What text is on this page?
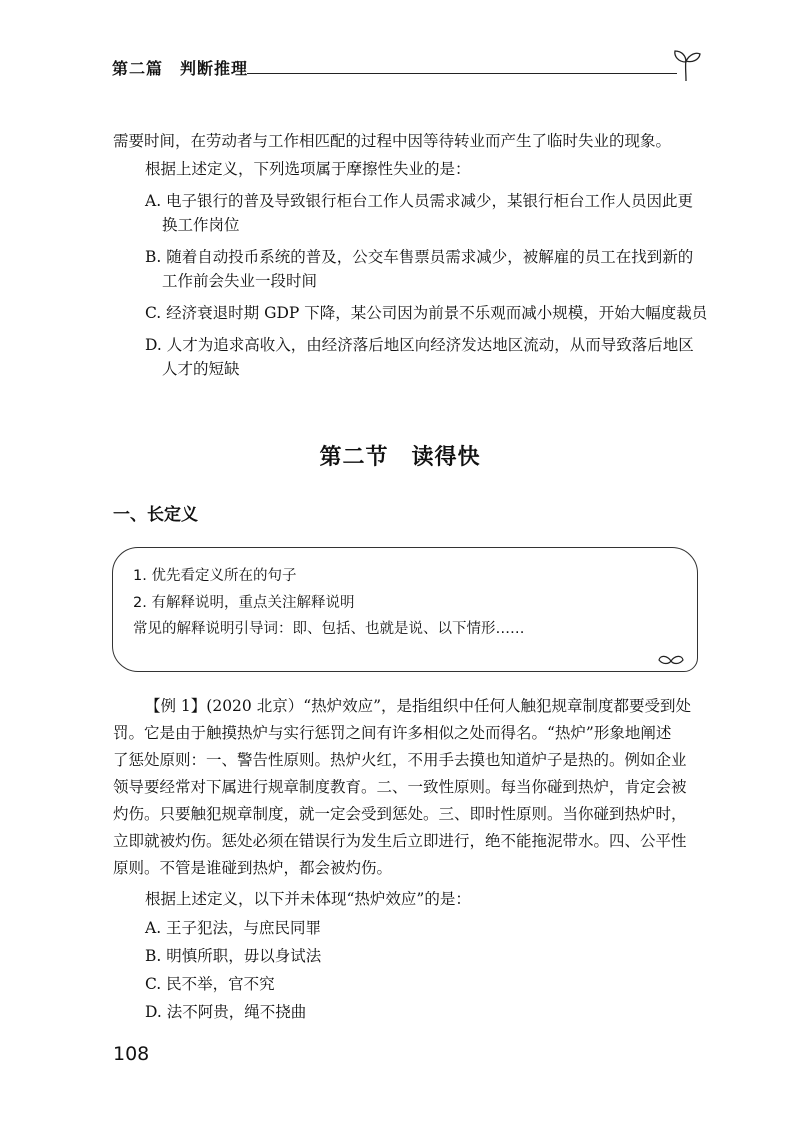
第二篇　判断推理
需要时间，在劳动者与工作相匹配的过程中因等待转业而产生了临时失业的现象。
根据上述定义，下列选项属于摩擦性失业的是：
A. 电子银行的普及导致银行柜台工作人员需求减少，某银行柜台工作人员因此更
换工作岗位
B. 随着自动投币系统的普及，公交车售票员需求减少，被解雇的员工在找到新的
工作前会失业一段时间
C. 经济衰退时期 GDP 下降，某公司因为前景不乐观而减小规模，开始大幅度裁员
D. 人才为追求高收入，由经济落后地区向经济发达地区流动，从而导致落后地区
人才的短缺
第二节　读得快
一、长定义
1. 优先看定义所在的句子
2. 有解释说明，重点关注解释说明
常见的解释说明引导词：即、包括、也就是说、以下情形……
【例 1】(2020 北京）“热炉效应”，是指组织中任何人触犯规章制度都要受到处
罚。它是由于触摸热炉与实行惩罚之间有许多相似之处而得名。“热炉”形象地阐述
了惩处原则：一、警告性原则。热炉火红，不用手去摸也知道炉子是热的。例如企业
领导要经常对下属进行规章制度教育。二、一致性原则。每当你碰到热炉，肯定会被
灼伤。只要触犯规章制度，就一定会受到惩处。三、即时性原则。当你碰到热炉时，
立即就被灼伤。惩处必须在错误行为发生后立即进行，绝不能拖泥带水。四、公平性
原则。不管是谁碰到热炉，都会被灼伤。
根据上述定义，以下并未体现“热炉效应”的是：
A. 王子犯法，与庶民同罪
B. 明慎所职，毋以身试法
C. 民不举，官不究
D. 法不阿贵，绳不挠曲
108
